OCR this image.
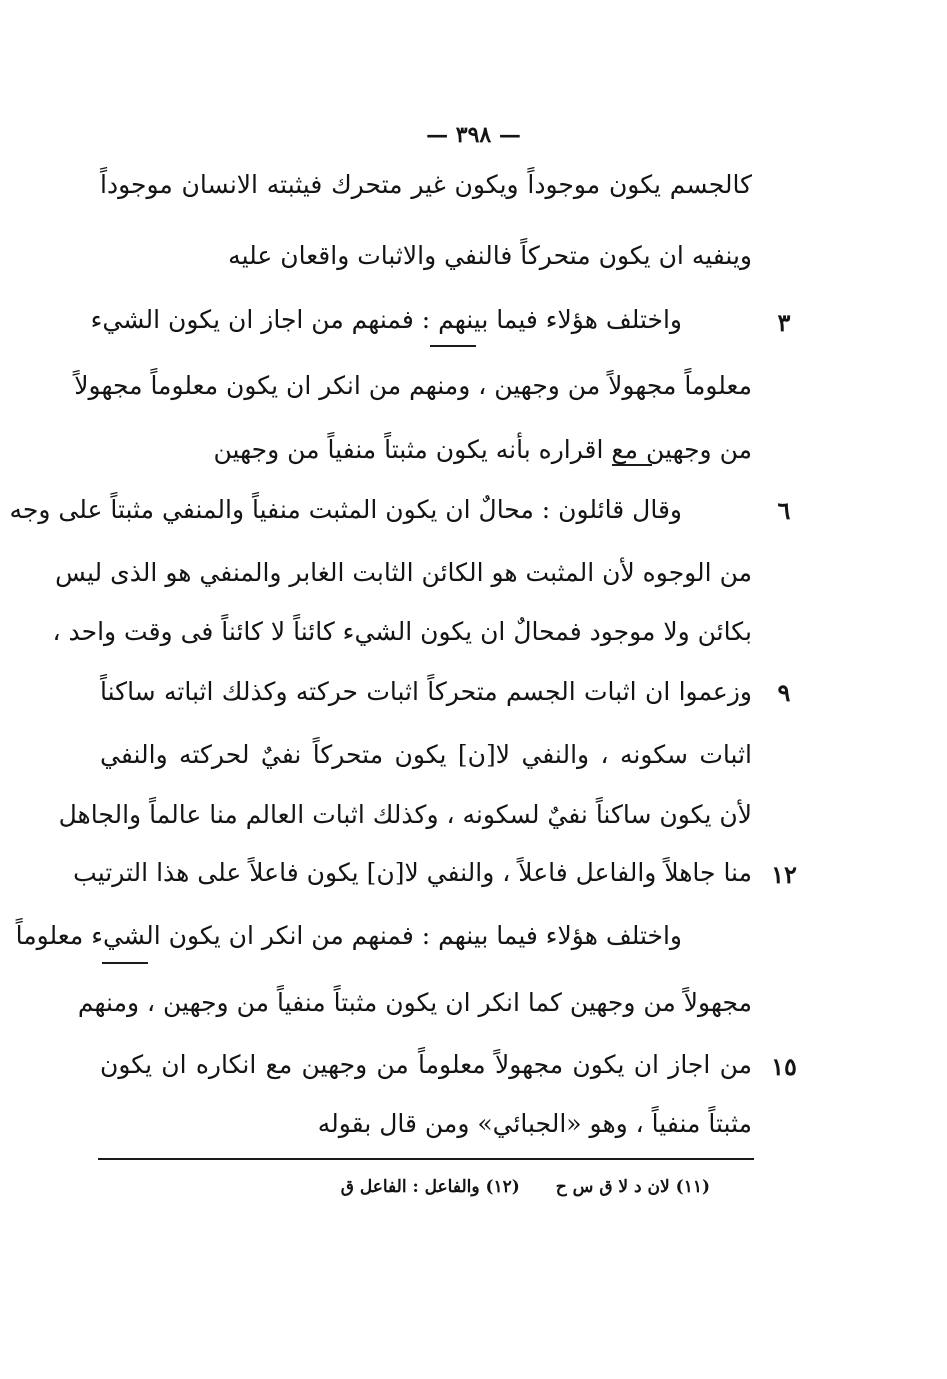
— ٣٩٨ —
كالجسم يكون موجوداً ويكون غير متحرك فيثبته الانسان موجوداً
وينفيه ان يكون متحركاً فالنفي والاثبات واقعان عليه
واختلف هؤلاء فيما بينهم : فمنهم من اجاز ان يكون الشيء
معلوماً مجهولاً من وجهين ، ومنهم من انكر ان يكون معلوماً مجهولاً
من وجهين مع اقراره بأنه يكون مثبتاً منفياً من وجهين
وقال قائلون : محالٌ ان يكون المثبت منفياً والمنفي مثبتاً على وجه
من الوجوه لأن المثبت هو الكائن الثابت الغابر والمنفي هو الذى ليس
بكائن ولا موجود فمحالٌ ان يكون الشيء كائناً لا كائناً فى وقت واحد ،
وزعموا ان اثبات الجسم متحركاً اثبات حركته وكذلك اثباته ساكناً
اثبات سكونه ، والنفي لا[ن] يكون متحركاً نفيٌ لحركته والنفي
لأن يكون ساكناً نفيٌ لسكونه ، وكذلك اثبات العالم منا عالماً والجاهل
منا جاهلاً والفاعل فاعلاً ، والنفي لا[ن] يكون فاعلاً على هذا الترتيب
واختلف هؤلاء فيما بينهم : فمنهم من انكر ان يكون الشيء معلوماً
مجهولاً من وجهين كما انكر ان يكون مثبتاً منفياً من وجهين ، ومنهم
من اجاز ان يكون مجهولاً معلوماً من وجهين مع انكاره ان يكون
مثبتاً منفياً ، وهو «الجبائي» ومن قال بقوله
٣
٦
٩
١٢
١٥
(١١) لان د لا ق س ح (١٢) والفاعل : الفاعل ق
